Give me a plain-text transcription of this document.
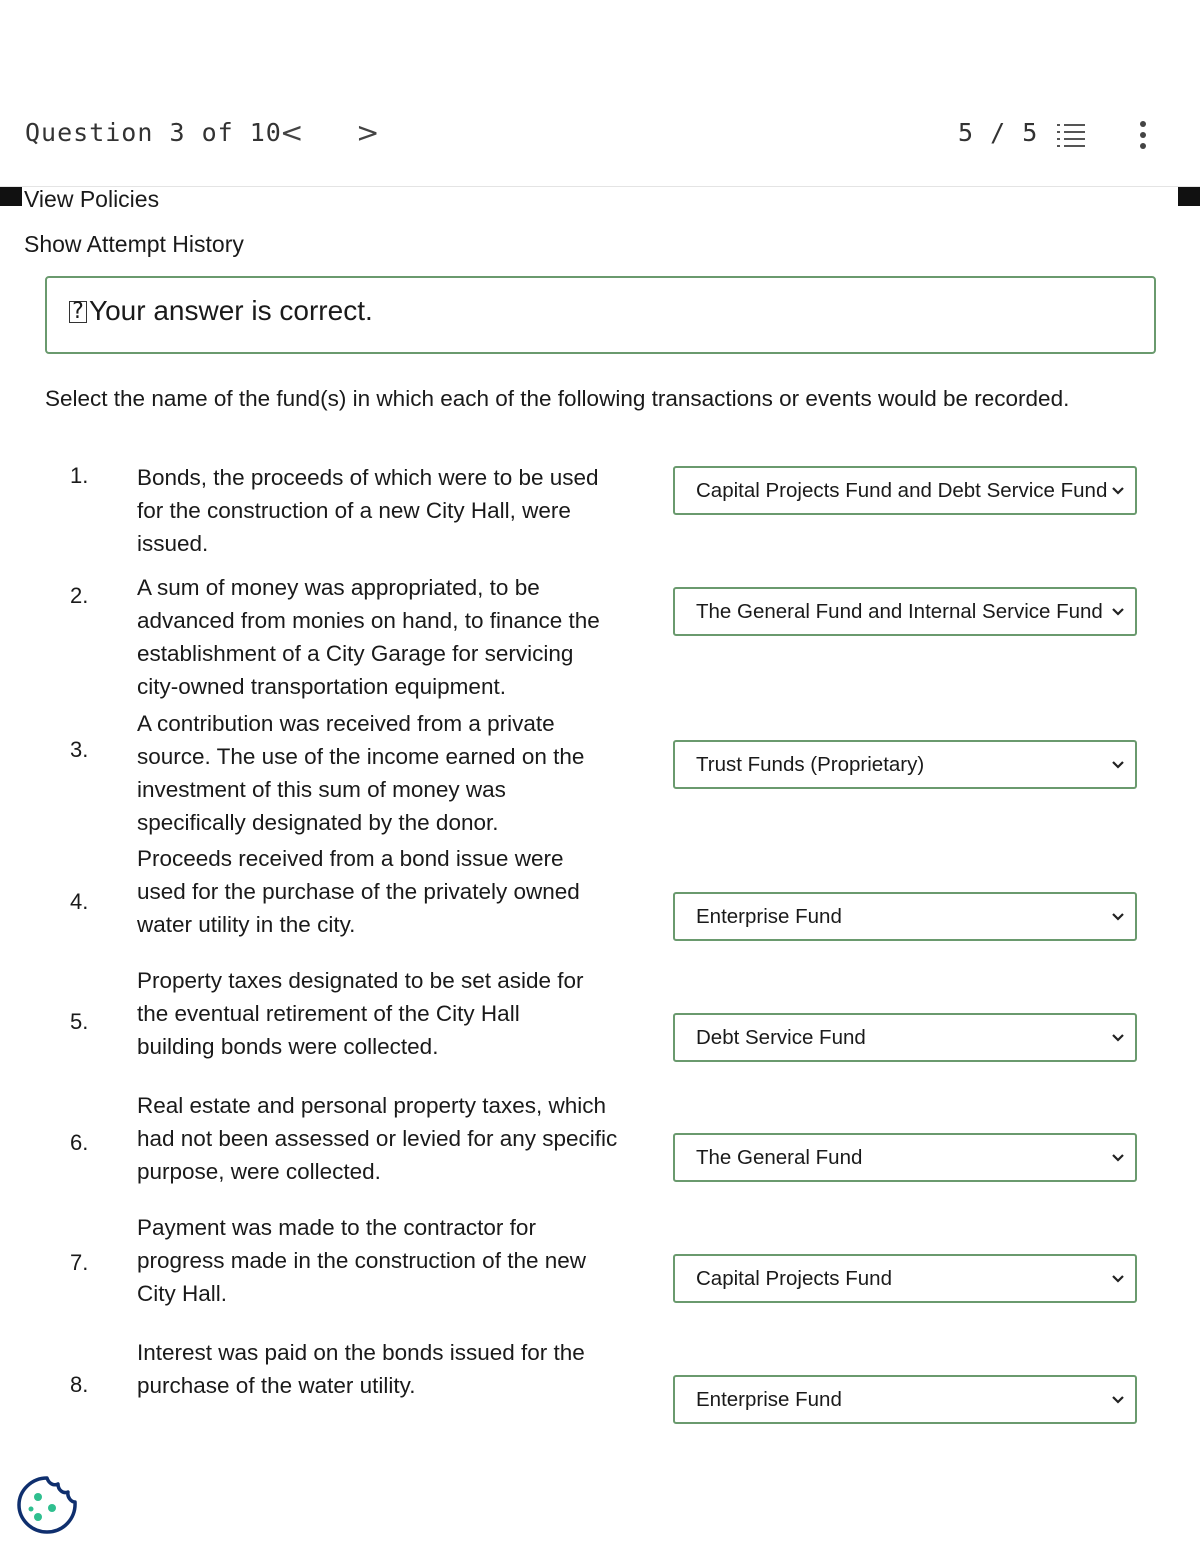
Question 3 of 10
< >	5 / 5
View Policies
Show Attempt History
? Your answer is correct.
Select the name of the fund(s) in which each of the following transactions or events would be recorded.
1. Bonds, the proceeds of which were to be used
for the construction of a new City Hall, were
issued.
Capital Projects Fund and Debt Service Fund
2. A sum of money was appropriated, to be
advanced from monies on hand, to finance the
establishment of a City Garage for servicing
city-owned transportation equipment.
The General Fund and Internal Service Fund
3.
A contribution was received from a private
source. The use of the income earned on the
investment of this sum of money was
specifically designated by the donor.
Trust Funds (Proprietary)
4.
Proceeds received from a bond issue were
used for the purchase of the privately owned
water utility in the city.	Enterprise Fund
5.
Property taxes designated to be set aside for
the eventual retirement of the City Hall
building bonds were collected.	Debt Service Fund
6.
Real estate and personal property taxes, which
had not been assessed or levied for any specific
purpose, were collected.
The General Fund
7.
Payment was made to the contractor for
progress made in the construction of the new
City Hall.
Capital Projects Fund
8.
Interest was paid on the bonds issued for the
purchase of the water utility.
Enterprise Fund
